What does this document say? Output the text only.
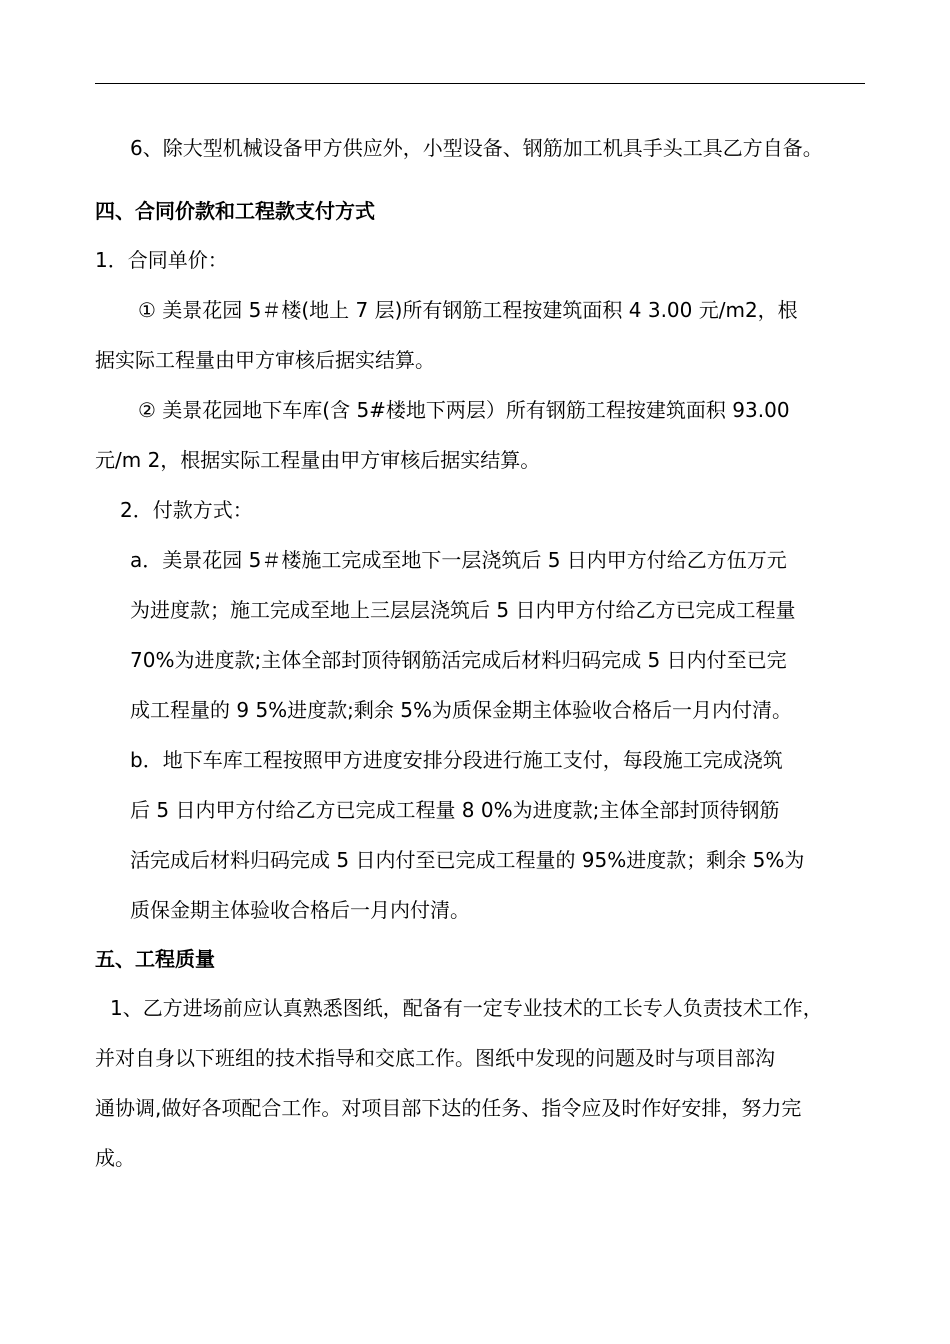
6、除大型机械设备甲方供应外，小型设备、钢筋加工机具手头工具乙方自备。
四、合同价款和工程款支付方式
1．合同单价：
① 美景花园 5＃楼(地上 7 层)所有钢筋工程按建筑面积 4 3.00 元/m2，根
据实际工程量由甲方审核后据实结算。
② 美景花园地下车库(含 5#楼地下两层）所有钢筋工程按建筑面积 93.00
元/m 2，根据实际工程量由甲方审核后据实结算。
2．付款方式：
a．美景花园 5＃楼施工完成至地下一层浇筑后 5 日内甲方付给乙方伍万元
为进度款；施工完成至地上三层层浇筑后 5 日内甲方付给乙方已完成工程量
70%为进度款;主体全部封顶待钢筋活完成后材料归码完成 5 日内付至已完
成工程量的 9 5%进度款;剩余 5%为质保金期主体验收合格后一月内付清。
b．地下车库工程按照甲方进度安排分段进行施工支付，每段施工完成浇筑
后 5 日内甲方付给乙方已完成工程量 8 0%为进度款;主体全部封顶待钢筋
活完成后材料归码完成 5 日内付至已完成工程量的 95%进度款；剩余 5%为
质保金期主体验收合格后一月内付清。
五、工程质量
1、乙方进场前应认真熟悉图纸，配备有一定专业技术的工长专人负责技术工作，
并对自身以下班组的技术指导和交底工作。图纸中发现的问题及时与项目部沟
通协调,做好各项配合工作。对项目部下达的任务、指令应及时作好安排，努力完
成。
